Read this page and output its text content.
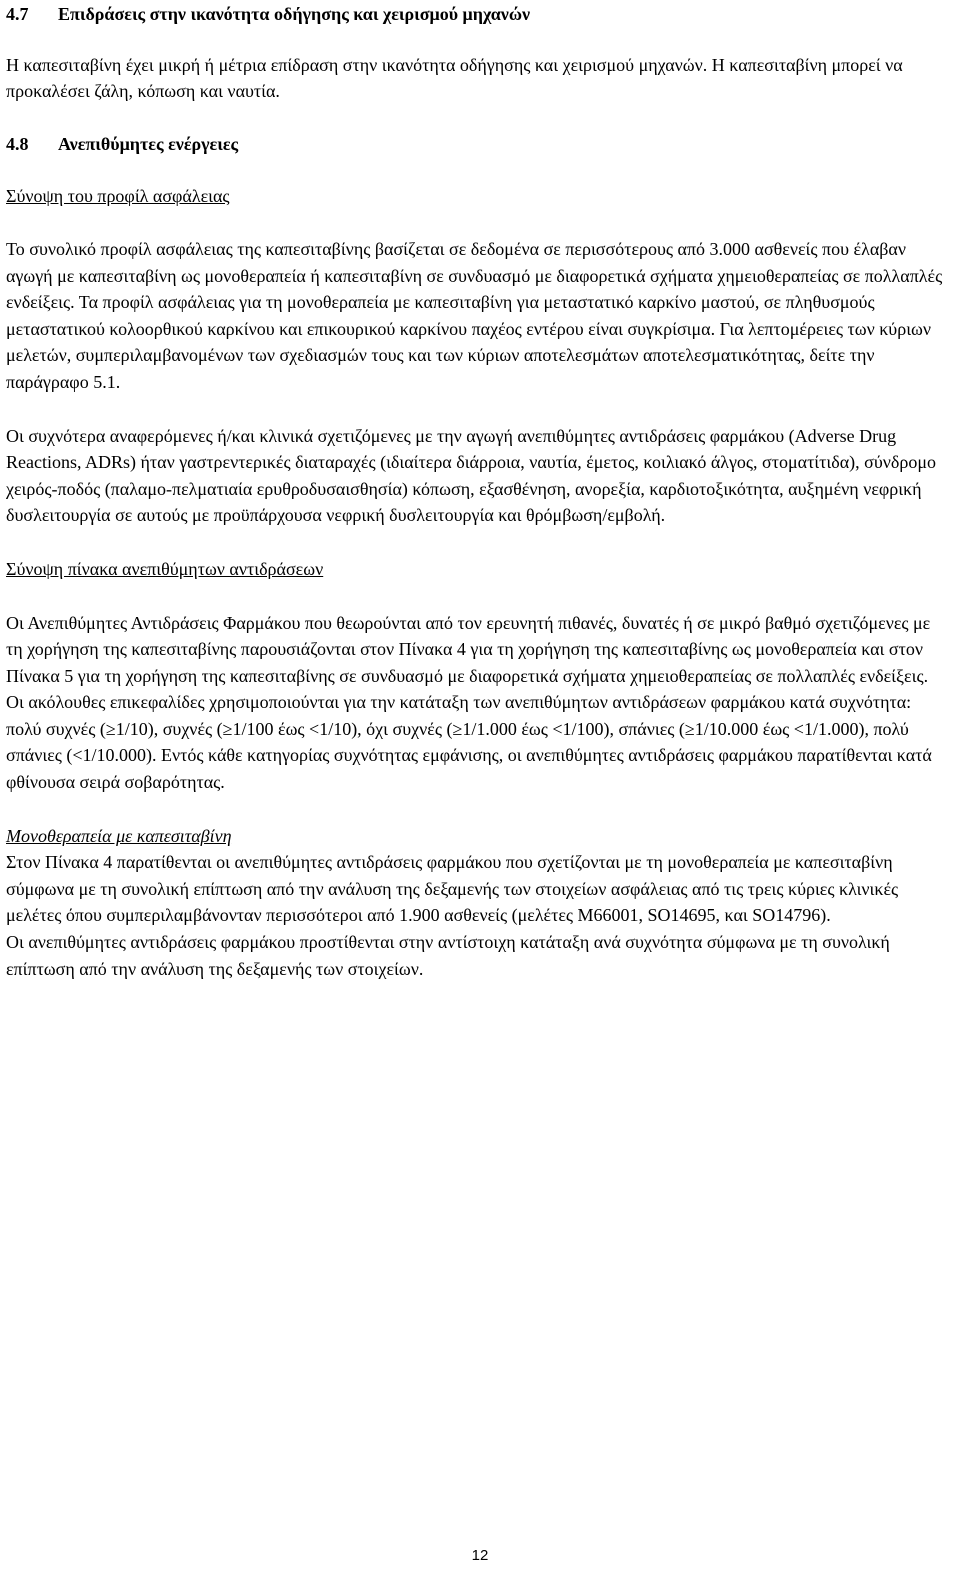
4.7 Επιδράσεις στην ικανότητα οδήγησης και χειρισμού μηχανών

Η καπεσιταβίνη έχει μικρή ή μέτρια επίδραση στην ικανότητα οδήγησης και χειρισμού μηχανών. Η καπεσιταβίνη μπορεί να προκαλέσει ζάλη, κόπωση και ναυτία.

4.8 Ανεπιθύμητες ενέργειες

Σύνοψη του προφίλ ασφάλειας

Το συνολικό προφίλ ασφάλειας της καπεσιταβίνης βασίζεται σε δεδομένα σε περισσότερους από 3.000 ασθενείς που έλαβαν αγωγή με καπεσιταβίνη ως μονοθεραπεία ή καπεσιταβίνη σε συνδυασμό με διαφορετικά σχήματα χημειοθεραπείας σε πολλαπλές ενδείξεις. Τα προφίλ ασφάλειας για τη μονοθεραπεία με καπεσιταβίνη για μεταστατικό καρκίνο μαστού, σε πληθυσμούς μεταστατικού κολοορθικού καρκίνου και επικουρικού καρκίνου παχέος εντέρου είναι συγκρίσιμα. Για λεπτομέρειες των κύριων μελετών, συμπεριλαμβανομένων των σχεδιασμών τους και των κύριων αποτελεσμάτων αποτελεσματικότητας, δείτε την παράγραφο 5.1.

Οι συχνότερα αναφερόμενες ή/και κλινικά σχετιζόμενες με την αγωγή ανεπιθύμητες αντιδράσεις φαρμάκου (Adverse Drug Reactions, ADRs) ήταν γαστρεντερικές διαταραχές (ιδιαίτερα διάρροια, ναυτία, έμετος, κοιλιακό άλγος, στοματίτιδα), σύνδρομο χειρός-ποδός (παλαμο-πελματιαία ερυθροδυσαισθησία) κόπωση, εξασθένηση, ανορεξία, καρδιοτοξικότητα, αυξημένη νεφρική δυσλειτουργία σε αυτούς με προϋπάρχουσα νεφρική δυσλειτουργία και θρόμβωση/εμβολή.

Σύνοψη πίνακα ανεπιθύμητων αντιδράσεων

Οι Ανεπιθύμητες Αντιδράσεις Φαρμάκου που θεωρούνται από τον ερευνητή πιθανές, δυνατές ή σε μικρό βαθμό σχετιζόμενες με τη χορήγηση της καπεσιταβίνης παρουσιάζονται στον Πίνακα 4 για τη χορήγηση της καπεσιταβίνης ως μονοθεραπεία και στον Πίνακα 5 για τη χορήγηση της καπεσιταβίνης σε συνδυασμό με διαφορετικά σχήματα χημειοθεραπείας σε πολλαπλές ενδείξεις.

Οι ακόλουθες επικεφαλίδες χρησιμοποιούνται για την κατάταξη των ανεπιθύμητων αντιδράσεων φαρμάκου κατά συχνότητα: πολύ συχνές (≥1/10), συχνές (≥1/100 έως <1/10), όχι συχνές (≥1/1.000 έως <1/100), σπάνιες (≥1/10.000 έως <1/1.000), πολύ σπάνιες (<1/10.000). Εντός κάθε κατηγορίας συχνότητας εμφάνισης, οι ανεπιθύμητες αντιδράσεις φαρμάκου παρατίθενται κατά φθίνουσα σειρά σοβαρότητας.

Μονοθεραπεία με καπεσιταβίνη

Στον Πίνακα 4 παρατίθενται οι ανεπιθύμητες αντιδράσεις φαρμάκου που σχετίζονται με τη μονοθεραπεία με καπεσιταβίνη σύμφωνα με τη συνολική επίπτωση από την ανάλυση της δεξαμενής των στοιχείων ασφάλειας από τις τρεις κύριες κλινικές μελέτες όπου συμπεριλαμβάνονταν περισσότεροι από 1.900 ασθενείς (μελέτες M66001, SO14695, και SO14796).

Οι ανεπιθύμητες αντιδράσεις φαρμάκου προστίθενται στην αντίστοιχη κατάταξη ανά συχνότητα σύμφωνα με τη συνολική επίπτωση από την ανάλυση της δεξαμενής των στοιχείων.

12
